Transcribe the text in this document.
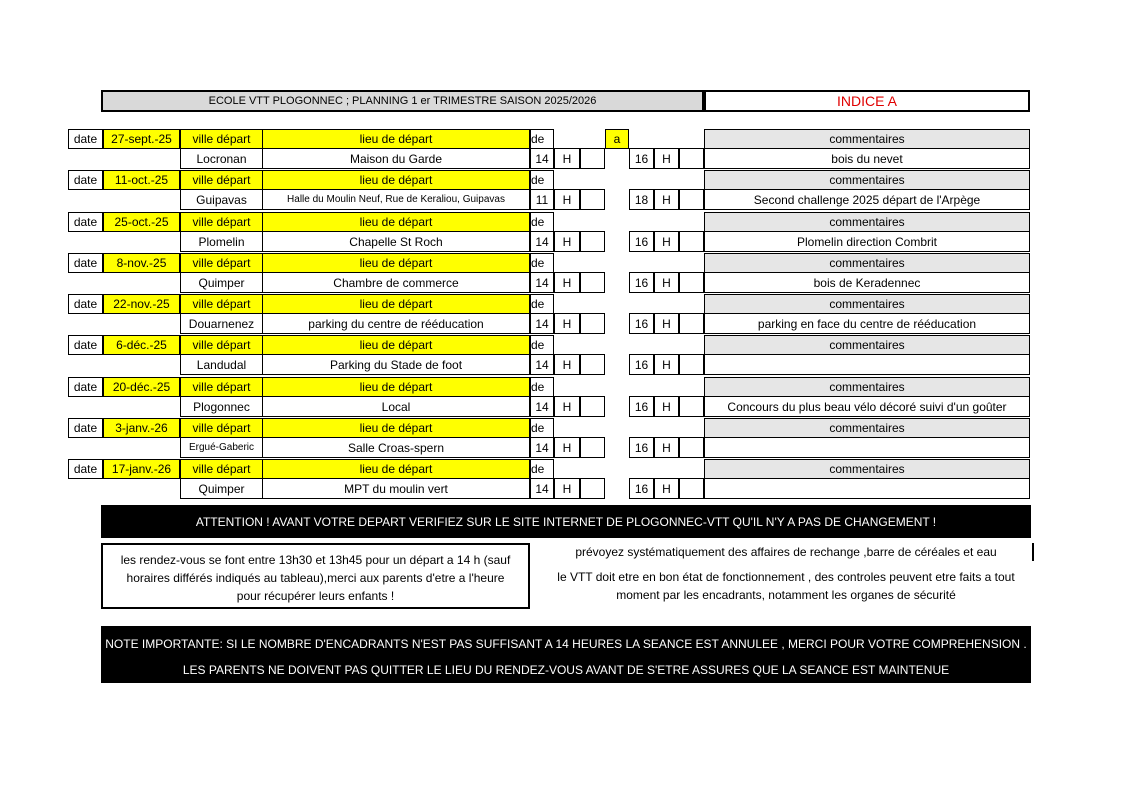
ECOLE VTT PLOGONNEC ; PLANNING 1 er TRIMESTRE SAISON 2025/2026	INDICE A
date	27-sept.-25	ville départ	lieu de départ	de	a	commentaires
Locronan	Maison du Garde	14	H	16	H	bois du nevet
date	11-oct.-25	ville départ	lieu de départ	de	commentaires
Guipavas	Halle du Moulin Neuf, Rue de Keraliou, Guipavas	11	H	18	H	Second challenge 2025 départ de l'Arpège
date	25-oct.-25	ville départ	lieu de départ	de	commentaires
Plomelin	Chapelle St Roch	14	H	16	H	Plomelin direction Combrit
date	8-nov.-25	ville départ	lieu de départ	de	commentaires
Quimper	Chambre de commerce	14	H	16	H	bois de Keradennec
date	22-nov.-25	ville départ	lieu de départ	de	commentaires
Douarnenez	parking du centre de rééducation	14	H	16	H	parking en face du centre de rééducation
date	6-déc.-25	ville départ	lieu de départ	de	commentaires
Landudal	Parking du Stade de foot	14	H	16	H
date	20-déc.-25	ville départ	lieu de départ	de	commentaires
Plogonnec	Local	14	H	16	H	Concours du plus beau vélo décoré suivi d'un goûter
date	3-janv.-26	ville départ	lieu de départ	de	commentaires
Ergué-Gaberic	Salle Croas-spern	14	H	16	H
date	17-janv.-26	ville départ	lieu de départ	de	commentaires
Quimper	MPT du moulin vert	14	H	16	H
ATTENTION ! AVANT VOTRE DEPART VERIFIEZ SUR LE SITE INTERNET DE PLOGONNEC-VTT QU'IL N'Y A PAS DE CHANGEMENT !
les rendez-vous se font entre 13h30 et 13h45 pour un départ a 14 h (sauf horaires différés indiqués au tableau),merci aux parents d'etre a l'heure pour récupérer leurs enfants !
prévoyez systématiquement des affaires de rechange ,barre de céréales et eau
le VTT doit etre en bon état de fonctionnement , des controles peuvent etre faits a tout moment par les encadrants, notamment les organes de sécurité
NOTE IMPORTANTE: SI LE NOMBRE D'ENCADRANTS N'EST PAS SUFFISANT A 14 HEURES LA SEANCE EST ANNULEE , MERCI POUR VOTRE COMPREHENSION .
LES PARENTS NE DOIVENT PAS QUITTER LE LIEU DU RENDEZ-VOUS AVANT DE S'ETRE ASSURES QUE LA SEANCE EST MAINTENUE
